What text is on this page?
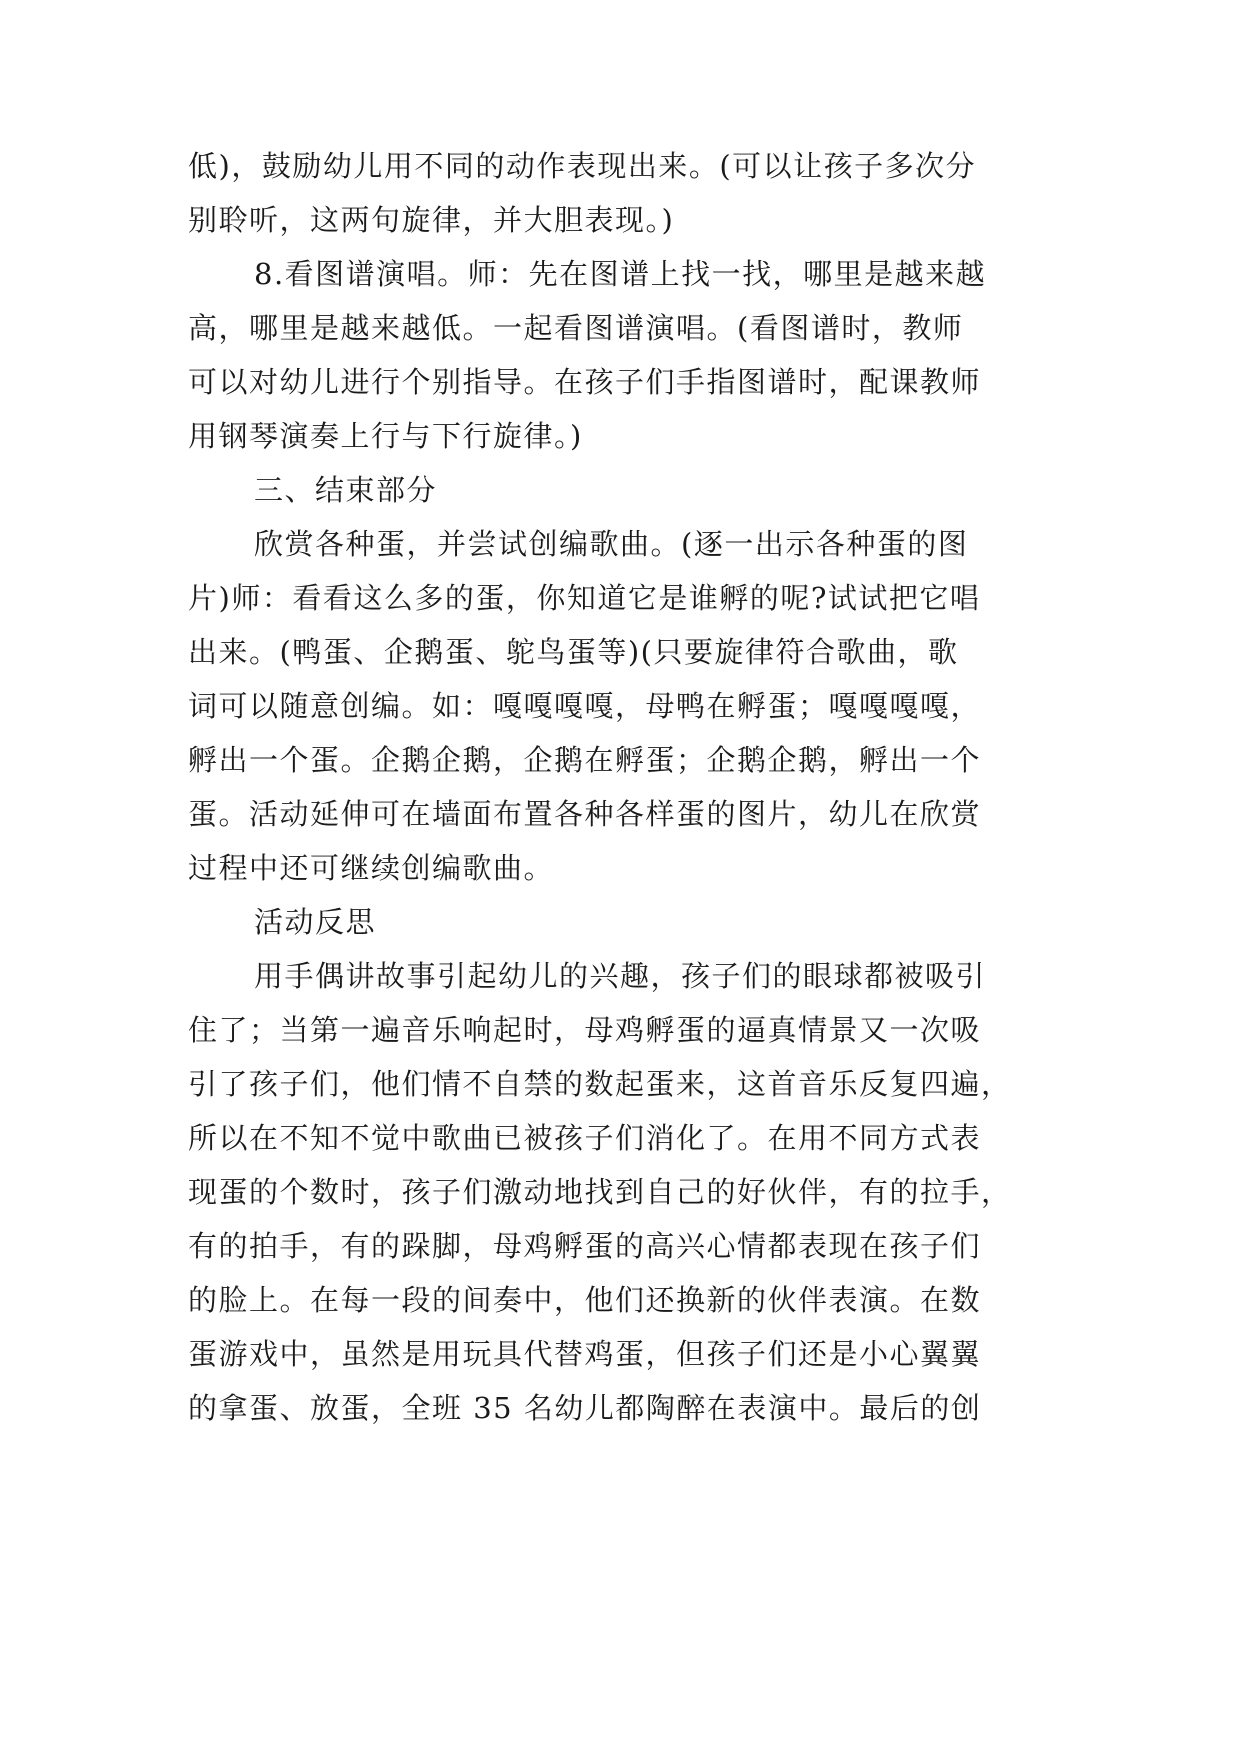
低)，鼓励幼儿用不同的动作表现出来。(可以让孩子多次分
别聆听，这两句旋律，并大胆表现。)
8.看图谱演唱。师：先在图谱上找一找，哪里是越来越
高，哪里是越来越低。一起看图谱演唱。(看图谱时，教师
可以对幼儿进行个别指导。在孩子们手指图谱时，配课教师
用钢琴演奏上行与下行旋律。)
三、结束部分
欣赏各种蛋，并尝试创编歌曲。(逐一出示各种蛋的图
片)师：看看这么多的蛋，你知道它是谁孵的呢?试试把它唱
出来。(鸭蛋、企鹅蛋、鸵鸟蛋等)(只要旋律符合歌曲，歌
词可以随意创编。如：嘎嘎嘎嘎，母鸭在孵蛋；嘎嘎嘎嘎，
孵出一个蛋。企鹅企鹅，企鹅在孵蛋；企鹅企鹅，孵出一个
蛋。活动延伸可在墙面布置各种各样蛋的图片，幼儿在欣赏
过程中还可继续创编歌曲。
活动反思
用手偶讲故事引起幼儿的兴趣，孩子们的眼球都被吸引
住了；当第一遍音乐响起时，母鸡孵蛋的逼真情景又一次吸
引了孩子们，他们情不自禁的数起蛋来，这首音乐反复四遍，
所以在不知不觉中歌曲已被孩子们消化了。在用不同方式表
现蛋的个数时，孩子们激动地找到自己的好伙伴，有的拉手，
有的拍手，有的跺脚，母鸡孵蛋的高兴心情都表现在孩子们
的脸上。在每一段的间奏中，他们还换新的伙伴表演。在数
蛋游戏中，虽然是用玩具代替鸡蛋，但孩子们还是小心翼翼
的拿蛋、放蛋，全班 35 名幼儿都陶醉在表演中。最后的创
